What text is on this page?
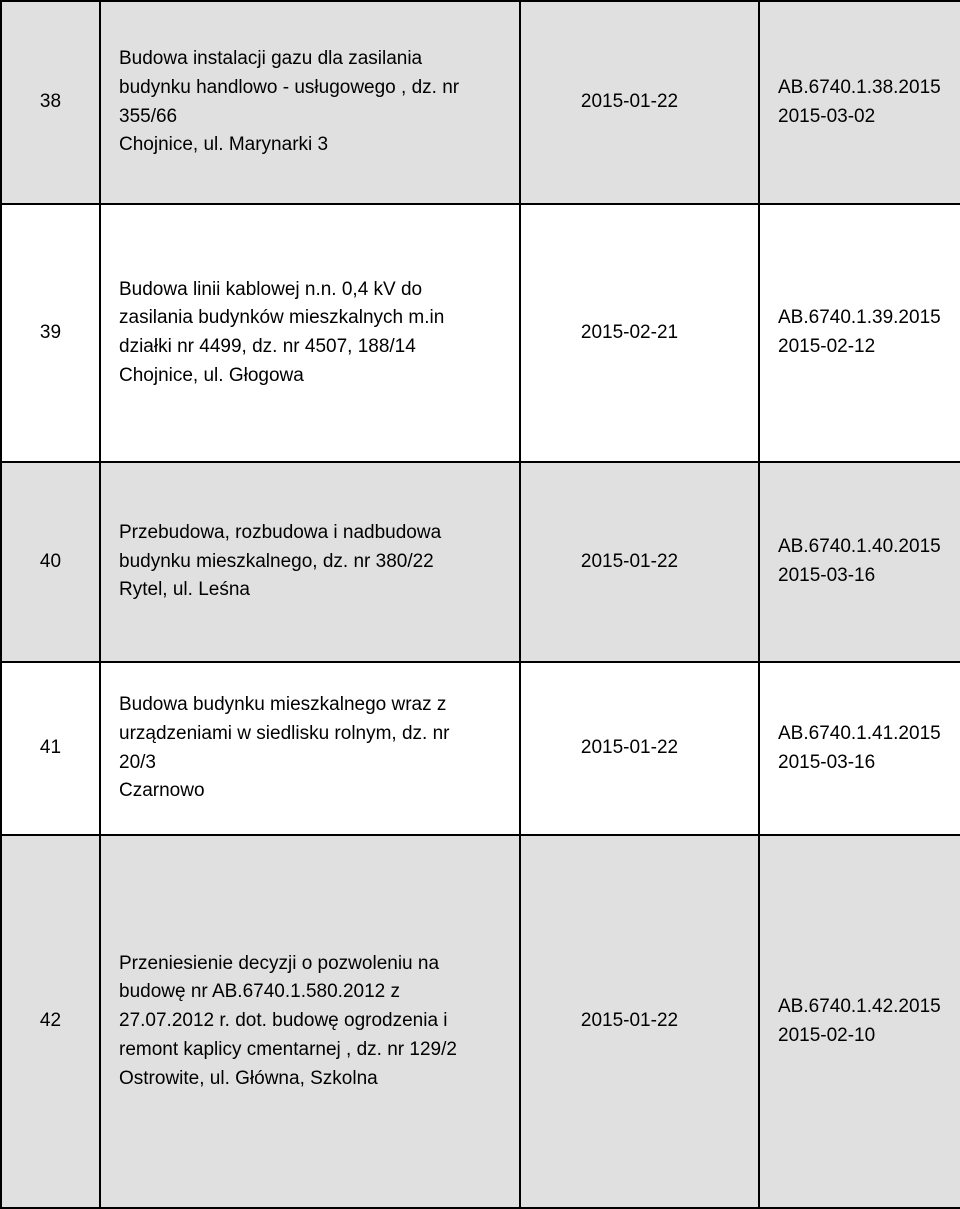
38	Budowa instalacji gazu dla zasilania
budynku handlowo - usługowego , dz. nr
355/66
Chojnice, ul. Marynarki 3	2015-01-22	AB.6740.1.38.2015
2015-03-02

39	Budowa linii kablowej n.n. 0,4 kV do
zasilania budynków mieszkalnych m.in
działki nr 4499, dz. nr 4507, 188/14
Chojnice, ul. Głogowa	2015-02-21	AB.6740.1.39.2015
2015-02-12

40	Przebudowa, rozbudowa i nadbudowa
budynku mieszkalnego, dz. nr 380/22
Rytel, ul. Leśna	2015-01-22	AB.6740.1.40.2015
2015-03-16

41	Budowa budynku mieszkalnego wraz z
urządzeniami w siedlisku rolnym, dz. nr
20/3
Czarnowo	2015-01-22	AB.6740.1.41.2015
2015-03-16

42	Przeniesienie decyzji o pozwoleniu na
budowę nr AB.6740.1.580.2012 z
27.07.2012 r. dot. budowę ogrodzenia i
remont kaplicy cmentarnej , dz. nr 129/2
Ostrowite, ul. Główna, Szkolna	2015-01-22	AB.6740.1.42.2015
2015-02-10
